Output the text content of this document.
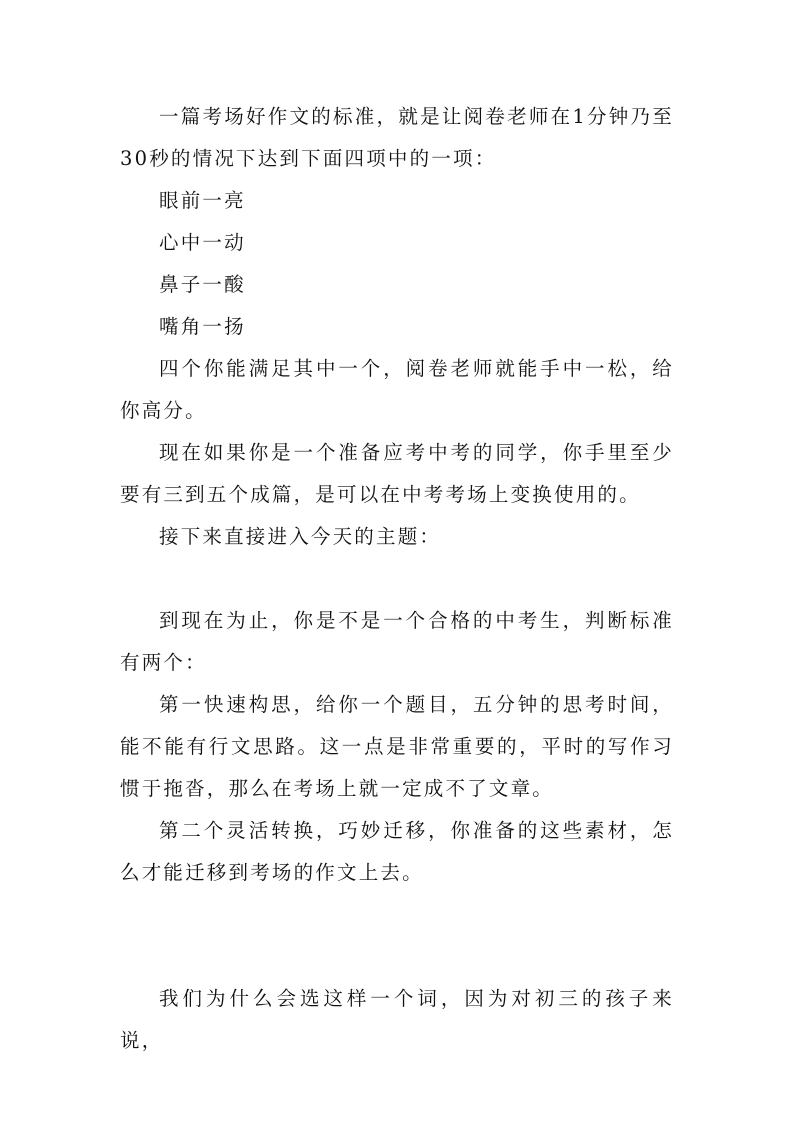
一篇考场好作文的标准，就是让阅卷老师在1分钟乃至30秒的情况下达到下面四项中的一项：

眼前一亮

心中一动

鼻子一酸

嘴角一扬

四个你能满足其中一个，阅卷老师就能手中一松，给你高分。

现在如果你是一个准备应考中考的同学，你手里至少要有三到五个成篇，是可以在中考考场上变换使用的。

接下来直接进入今天的主题：

到现在为止，你是不是一个合格的中考生，判断标准有两个：

第一快速构思，给你一个题目，五分钟的思考时间，能不能有行文思路。这一点是非常重要的，平时的写作习惯于拖沓，那么在考场上就一定成不了文章。

第二个灵活转换，巧妙迁移，你准备的这些素材，怎么才能迁移到考场的作文上去。

我们为什么会选这样一个词，因为对初三的孩子来说，
